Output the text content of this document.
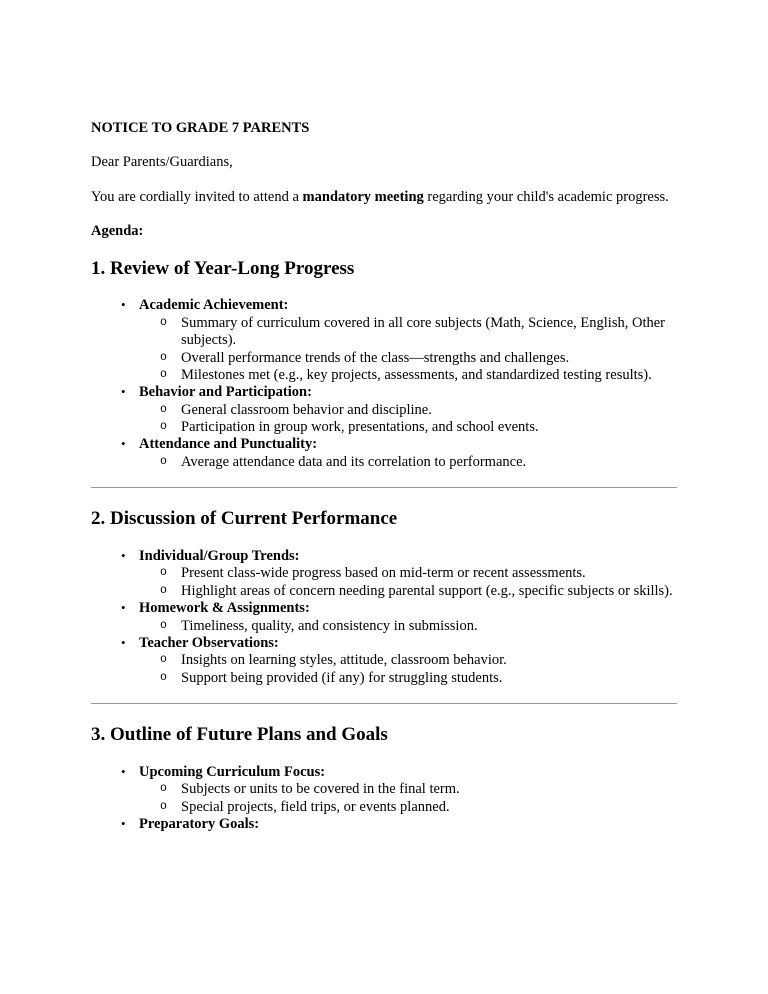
NOTICE TO GRADE 7 PARENTS

Dear Parents/Guardians,

You are cordially invited to attend a mandatory meeting regarding your child's academic progress.

Agenda:

1. Review of Year-Long Progress
• Academic Achievement:
o Summary of curriculum covered in all core subjects (Math, Science, English, Other subjects).
o Overall performance trends of the class—strengths and challenges.
o Milestones met (e.g., key projects, assessments, and standardized testing results).
• Behavior and Participation:
o General classroom behavior and discipline.
o Participation in group work, presentations, and school events.
• Attendance and Punctuality:
o Average attendance data and its correlation to performance.
2. Discussion of Current Performance
• Individual/Group Trends:
o Present class-wide progress based on mid-term or recent assessments.
o Highlight areas of concern needing parental support (e.g., specific subjects or skills).
• Homework & Assignments:
o Timeliness, quality, and consistency in submission.
• Teacher Observations:
o Insights on learning styles, attitude, classroom behavior.
o Support being provided (if any) for struggling students.
3. Outline of Future Plans and Goals
• Upcoming Curriculum Focus:
o Subjects or units to be covered in the final term.
o Special projects, field trips, or events planned.
• Preparatory Goals:
